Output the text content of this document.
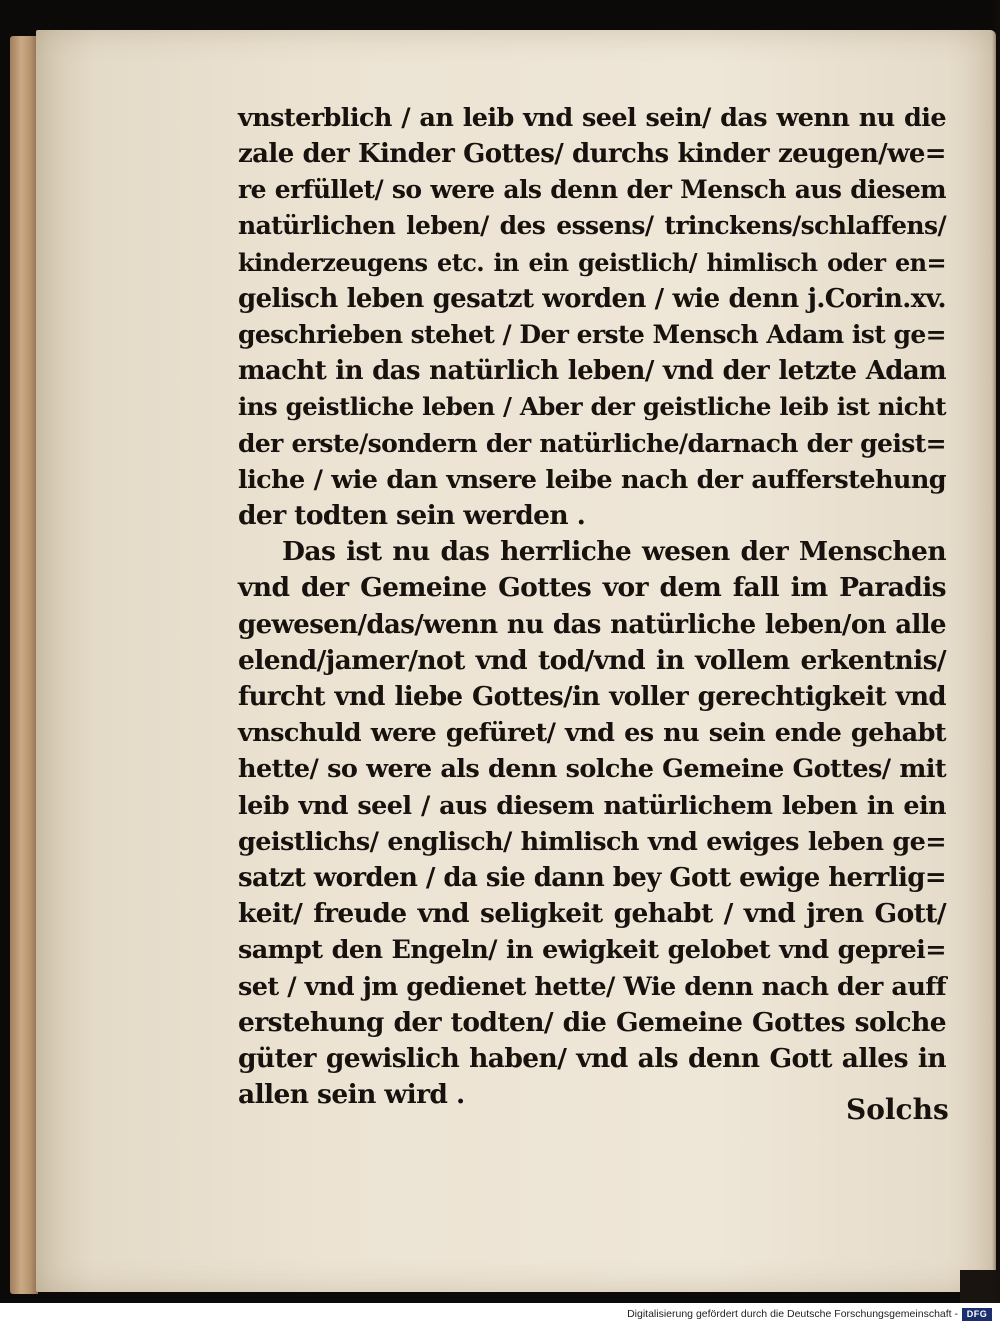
vnsterblich / an leib vnd seel sein/ das wenn nu die
zale der Kinder Gottes/ durchs kinder zeugen/we=
re erfüllet/ so were als denn der Mensch aus diesem
natürlichen leben/ des essens/ trinckens/schlaffens/
kinderzeugens etc. in ein geistlich/ himlisch oder en=
gelisch leben gesatzt worden / wie denn j.Corin.xv.
geschrieben stehet / Der erste Mensch Adam ist ge=
macht in das natürlich leben/ vnd der letzte Adam
ins geistliche leben / Aber der geistliche leib ist nicht
der erste/sondern der natürliche/darnach der geist=
liche / wie dan vnsere leibe nach der aufferstehung
der todten sein werden .
Das ist nu das herrliche wesen der Menschen
vnd der Gemeine Gottes vor dem fall im Paradis
gewesen/das/wenn nu das natürliche leben/on alle
elend/jamer/not vnd tod/vnd in vollem erkentnis/
furcht vnd liebe Gottes/in voller gerechtigkeit vnd
vnschuld were gefüret/ vnd es nu sein ende gehabt
hette/ so were als denn solche Gemeine Gottes/ mit
leib vnd seel / aus diesem natürlichem leben in ein
geistlichs/ englisch/ himlisch vnd ewiges leben ge=
satzt worden / da sie dann bey Gott ewige herrlig=
keit/ freude vnd seligkeit gehabt / vnd jren Gott/
sampt den Engeln/ in ewigkeit gelobet vnd geprei=
set / vnd jm gedienet hette/ Wie denn nach der auff
erstehung der todten/ die Gemeine Gottes solche
güter gewislich haben/ vnd als denn Gott alles in
allen sein wird .	Solchs
Digitalisierung gefördert durch die Deutsche Forschungsgemeinschaft - DFG
